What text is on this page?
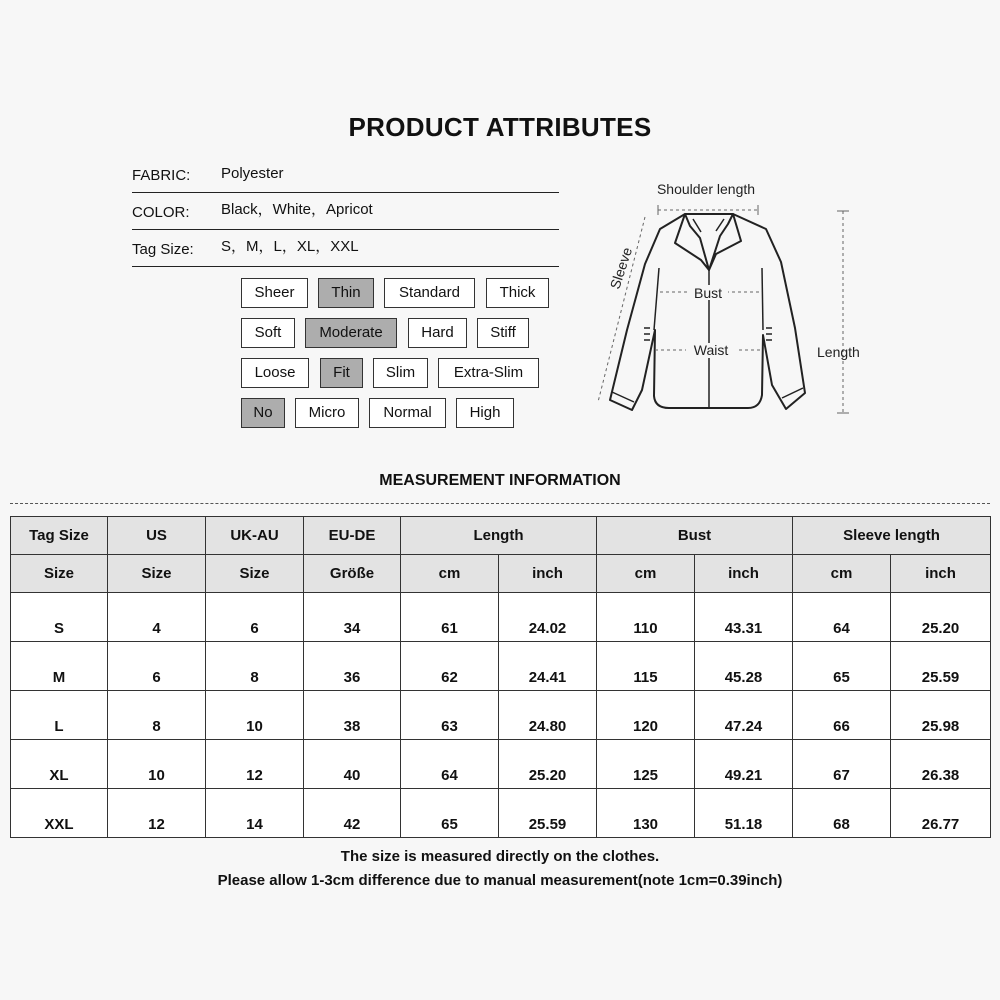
PRODUCT ATTRIBUTES
FABRIC: Polyester
COLOR: Black，White，Apricot
Tag Size: S，M，L，XL，XXL
Sheer	Thin	Standard	Thick
Soft	Moderate	Hard	Stiff
Loose	Fit	Slim	Extra-Slim
No	Micro	Normal	High
Shoulder length
Bust
Waist	Length
Sleeve
MEASUREMENT INFORMATION
Tag Size	US	UK-AU	EU-DE	Length		Bust		Sleeve length	
Size	Size	Size	Größe	cm	inch	cm	inch	cm	inch
S	4	6	34	61	24.02	110	43.31	64	25.20
M	6	8	36	62	24.41	115	45.28	65	25.59
L	8	10	38	63	24.80	120	47.24	66	25.98
XL	10	12	40	64	25.20	125	49.21	67	26.38
XXL	12	14	42	65	25.59	130	51.18	68	26.77
The size is measured directly on the clothes.
Please allow 1-3cm difference due to manual measurement(note 1cm=0.39inch)
